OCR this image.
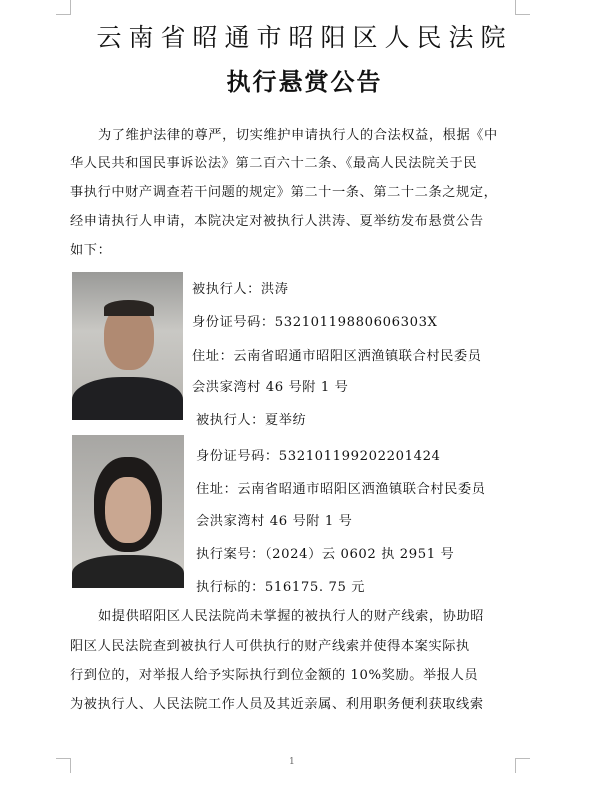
云南省昭通市昭阳区人民法院
执行悬赏公告
为了维护法律的尊严，切实维护申请执行人的合法权益，根据《中
华人民共和国民事诉讼法》第二百六十二条、《最高人民法院关于民
事执行中财产调查若干问题的规定》第二十一条、第二十二条之规定，
经申请执行人申请，本院决定对被执行人洪涛、夏举纺发布悬赏公告
如下：
被执行人：洪涛
身份证号码：53210119880606303X
住址：云南省昭通市昭阳区洒渔镇联合村民委员
会洪家湾村 46 号附 1 号
被执行人：夏举纺
身份证号码：532101199202201424
住址：云南省昭通市昭阳区洒渔镇联合村民委员
会洪家湾村 46 号附 1 号
执行案号：（2024）云 0602 执 2951 号
执行标的：516175. 75 元
如提供昭阳区人民法院尚未掌握的被执行人的财产线索，协助昭
阳区人民法院查到被执行人可供执行的财产线索并使得本案实际执
行到位的，对举报人给予实际执行到位金额的 10%奖励。举报人员
为被执行人、人民法院工作人员及其近亲属、利用职务便利获取线索
1
